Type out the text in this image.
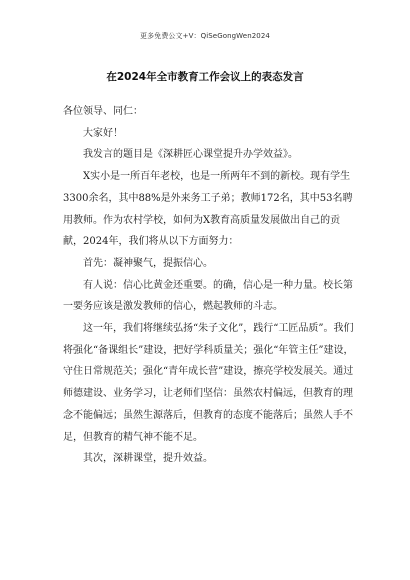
更多免费公文+V：QiSeGongWen2024
在2024年全市教育工作会议上的表态发言

各位领导、同仁：

大家好！

我发言的题目是《深耕匠心课堂提升办学效益》。

X实小是一所百年老校，也是一所两年不到的新校。现有学生3300余名，其中88%是外来务工子弟；教师172名，其中53名聘用教师。作为农村学校，如何为X教育高质量发展做出自己的贡献，2024年，我们将从以下方面努力：

首先：凝神聚气，提振信心。

有人说：信心比黄金还重要。的确，信心是一种力量。校长第一要务应该是激发教师的信心，燃起教师的斗志。

这一年，我们将继续弘扬“朱子文化”，践行“工匠品质”。我们将强化“备课组长”建设，把好学科质量关；强化“年管主任”建设，守住日常规范关；强化“青年成长营”建设，擦亮学校发展关。通过师德建设、业务学习，让老师们坚信：虽然农村偏远，但教育的理念不能偏远；虽然生源落后，但教育的态度不能落后；虽然人手不足，但教育的精气神不能不足。

其次，深耕课堂，提升效益。
